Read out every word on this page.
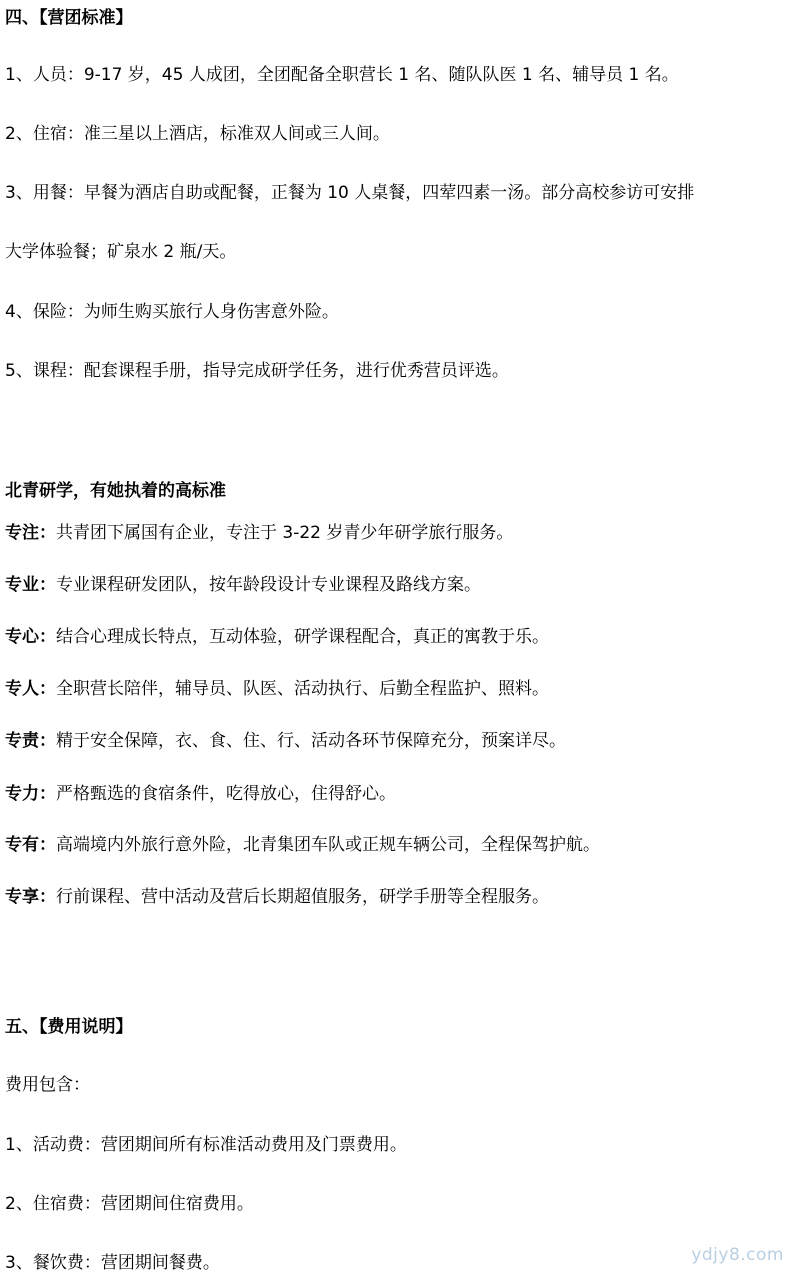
四、【营团标准】
1、人员：9-17 岁，45 人成团，全团配备全职营长 1 名、随队队医 1 名、辅导员 1 名。
2、住宿：准三星以上酒店，标准双人间或三人间。
3、用餐：早餐为酒店自助或配餐，正餐为 10 人桌餐，四荤四素一汤。部分高校参访可安排
大学体验餐；矿泉水 2 瓶/天。
4、保险：为师生购买旅行人身伤害意外险。
5、课程：配套课程手册，指导完成研学任务，进行优秀营员评选。
北青研学，有她执着的高标准
专注：共青团下属国有企业，专注于 3-22 岁青少年研学旅行服务。
专业：专业课程研发团队，按年龄段设计专业课程及路线方案。
专心：结合心理成长特点，互动体验，研学课程配合，真正的寓教于乐。
专人：全职营长陪伴，辅导员、队医、活动执行、后勤全程监护、照料。
专责：精于安全保障，衣、食、住、行、活动各环节保障充分，预案详尽。
专力：严格甄选的食宿条件，吃得放心，住得舒心。
专有：高端境内外旅行意外险，北青集团车队或正规车辆公司，全程保驾护航。
专享：行前课程、营中活动及营后长期超值服务，研学手册等全程服务。
五、【费用说明】
费用包含：
1、活动费：营团期间所有标准活动费用及门票费用。
2、住宿费：营团期间住宿费用。
3、餐饮费：营团期间餐费。	ydjy8.com
